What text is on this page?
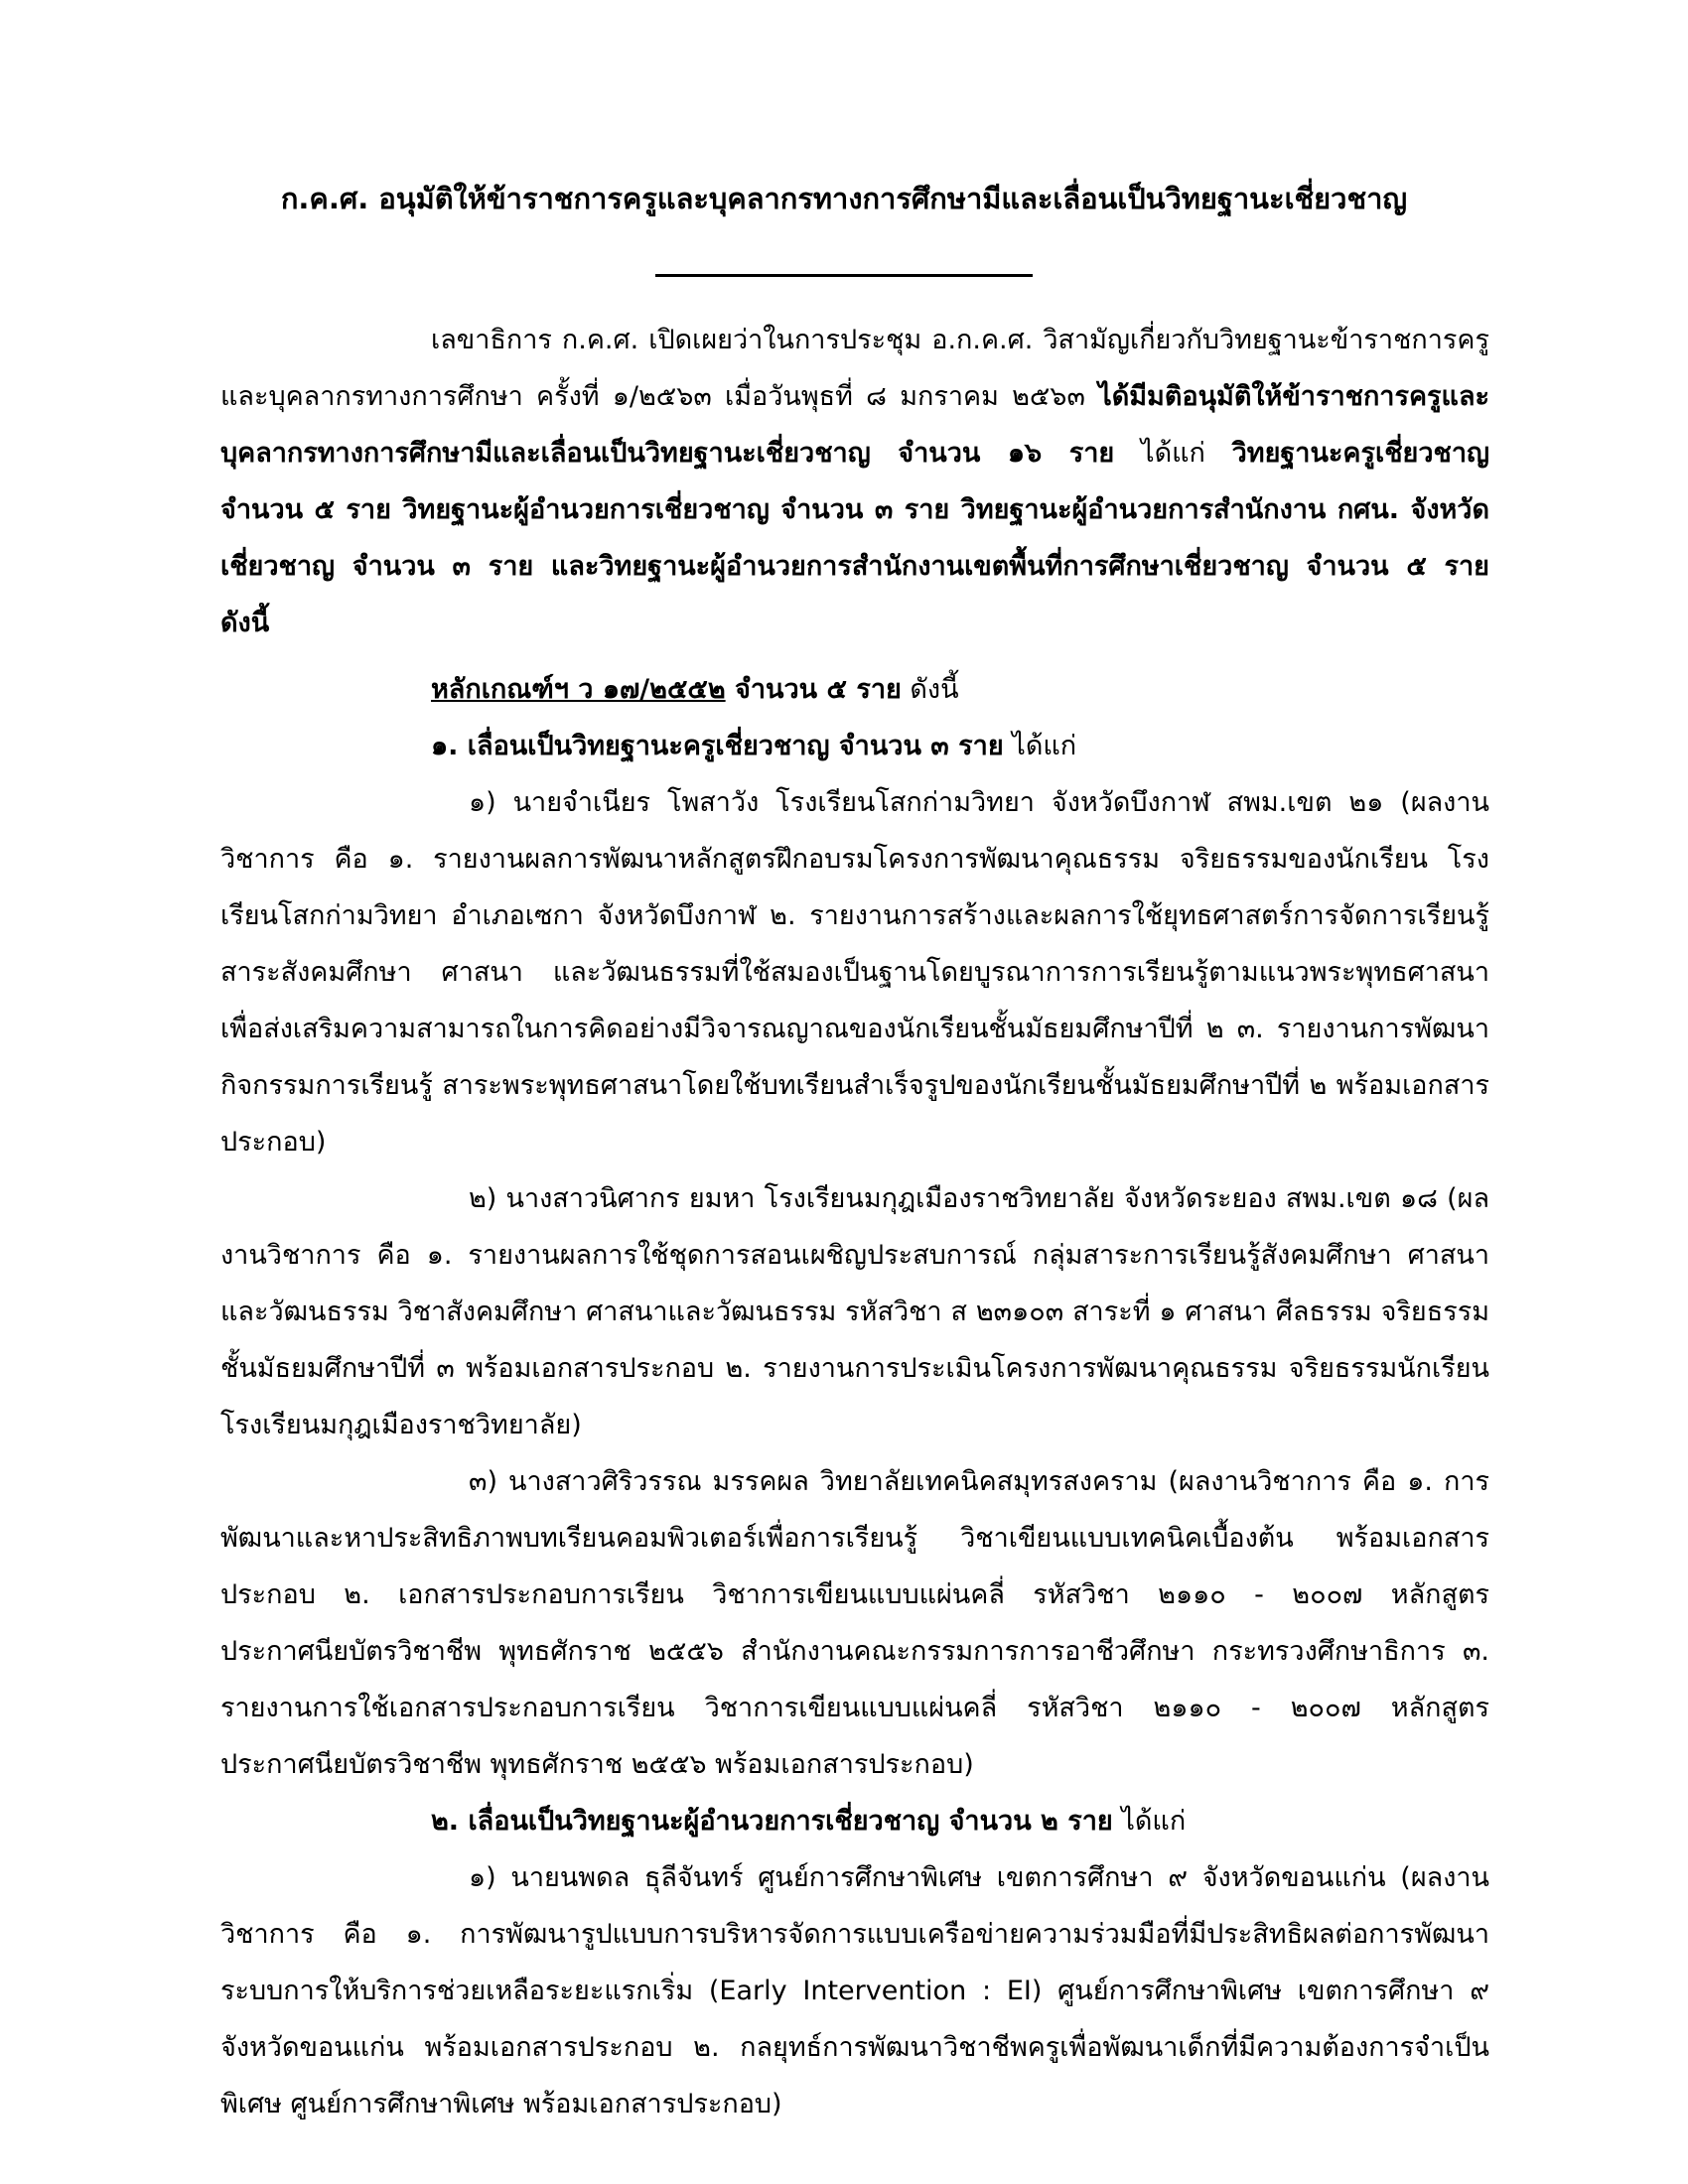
ก.ค.ศ. อนุมัติให้ข้าราชการครูและบุคลากรทางการศึกษามีและเลื่อนเป็นวิทยฐานะเชี่ยวชาญ

เลขาธิการ ก.ค.ศ. เปิดเผยว่าในการประชุม อ.ก.ค.ศ. วิสามัญเกี่ยวกับวิทยฐานะข้าราชการครูและบุคลากรทางการศึกษา ครั้งที่ ๑/๒๕๖๓ เมื่อวันพุธที่ ๘ มกราคม ๒๕๖๓ ได้มีมติอนุมัติให้ข้าราชการครูและบุคลากรทางการศึกษามีและเลื่อนเป็นวิทยฐานะเชี่ยวชาญ จำนวน ๑๖ ราย ได้แก่ วิทยฐานะครูเชี่ยวชาญ จำนวน ๕ ราย วิทยฐานะผู้อำนวยการเชี่ยวชาญ จำนวน ๓ ราย วิทยฐานะผู้อำนวยการสำนักงาน กศน. จังหวัดเชี่ยวชาญ จำนวน ๓ ราย และวิทยฐานะผู้อำนวยการสำนักงานเขตพื้นที่การศึกษาเชี่ยวชาญ จำนวน ๕ ราย ดังนี้

หลักเกณฑ์ฯ ว ๑๗/๒๕๕๒ จำนวน ๕ ราย ดังนี้

๑. เลื่อนเป็นวิทยฐานะครูเชี่ยวชาญ จำนวน ๓ ราย ได้แก่

๑) นายจำเนียร โพสาวัง โรงเรียนโสกก่ามวิทยา จังหวัดบึงกาฬ สพม.เขต ๒๑ (ผลงานวิชาการ คือ ๑. รายงานผลการพัฒนาหลักสูตรฝึกอบรมโครงการพัฒนาคุณธรรม จริยธรรมของนักเรียน โรงเรียนโสกก่ามวิทยา อำเภอเซกา จังหวัดบึงกาฬ ๒. รายงานการสร้างและผลการใช้ยุทธศาสตร์การจัดการเรียนรู้สาระสังคมศึกษา ศาสนา และวัฒนธรรมที่ใช้สมองเป็นฐานโดยบูรณาการการเรียนรู้ตามแนวพระพุทธศาสนา เพื่อส่งเสริมความสามารถในการคิดอย่างมีวิจารณญาณของนักเรียนชั้นมัธยมศึกษาปีที่ ๒ ๓. รายงานการพัฒนากิจกรรมการเรียนรู้ สาระพระพุทธศาสนาโดยใช้บทเรียนสำเร็จรูปของนักเรียนชั้นมัธยมศึกษาปีที่ ๒ พร้อมเอกสารประกอบ)

๒) นางสาวนิศากร ยมหา โรงเรียนมกุฎเมืองราชวิทยาลัย จังหวัดระยอง สพม.เขต ๑๘ (ผลงานวิชาการ คือ ๑. รายงานผลการใช้ชุดการสอนเผชิญประสบการณ์ กลุ่มสาระการเรียนรู้สังคมศึกษา ศาสนา และวัฒนธรรม วิชาสังคมศึกษา ศาสนาและวัฒนธรรม รหัสวิชา ส ๒๓๑๐๓ สาระที่ ๑ ศาสนา ศีลธรรม จริยธรรม ชั้นมัธยมศึกษาปีที่ ๓ พร้อมเอกสารประกอบ ๒. รายงานการประเมินโครงการพัฒนาคุณธรรม จริยธรรมนักเรียน โรงเรียนมกุฎเมืองราชวิทยาลัย)

๓) นางสาวศิริวรรณ มรรคผล วิทยาลัยเทคนิคสมุทรสงคราม (ผลงานวิชาการ คือ ๑. การพัฒนาและหาประสิทธิภาพบทเรียนคอมพิวเตอร์เพื่อการเรียนรู้ วิชาเขียนแบบเทคนิคเบื้องต้น พร้อมเอกสารประกอบ ๒. เอกสารประกอบการเรียน วิชาการเขียนแบบแผ่นคลี่ รหัสวิชา ๒๑๑๐ - ๒๐๐๗ หลักสูตรประกาศนียบัตรวิชาชีพ พุทธศักราช ๒๕๕๖ สำนักงานคณะกรรมการการอาชีวศึกษา กระทรวงศึกษาธิการ ๓. รายงานการใช้เอกสารประกอบการเรียน วิชาการเขียนแบบแผ่นคลี่ รหัสวิชา ๒๑๑๐ - ๒๐๐๗ หลักสูตรประกาศนียบัตรวิชาชีพ พุทธศักราช ๒๕๕๖ พร้อมเอกสารประกอบ)

๒. เลื่อนเป็นวิทยฐานะผู้อำนวยการเชี่ยวชาญ จำนวน ๒ ราย ได้แก่

๑) นายนพดล ธุลีจันทร์ ศูนย์การศึกษาพิเศษ เขตการศึกษา ๙ จังหวัดขอนแก่น (ผลงานวิชาการ คือ ๑. การพัฒนารูปแบบการบริหารจัดการแบบเครือข่ายความร่วมมือที่มีประสิทธิผลต่อการพัฒนาระบบการให้บริการช่วยเหลือระยะแรกเริ่ม (Early Intervention : EI) ศูนย์การศึกษาพิเศษ เขตการศึกษา ๙ จังหวัดขอนแก่น พร้อมเอกสารประกอบ ๒. กลยุทธ์การพัฒนาวิชาชีพครูเพื่อพัฒนาเด็กที่มีความต้องการจำเป็นพิเศษ ศูนย์การศึกษาพิเศษ พร้อมเอกสารประกอบ)
